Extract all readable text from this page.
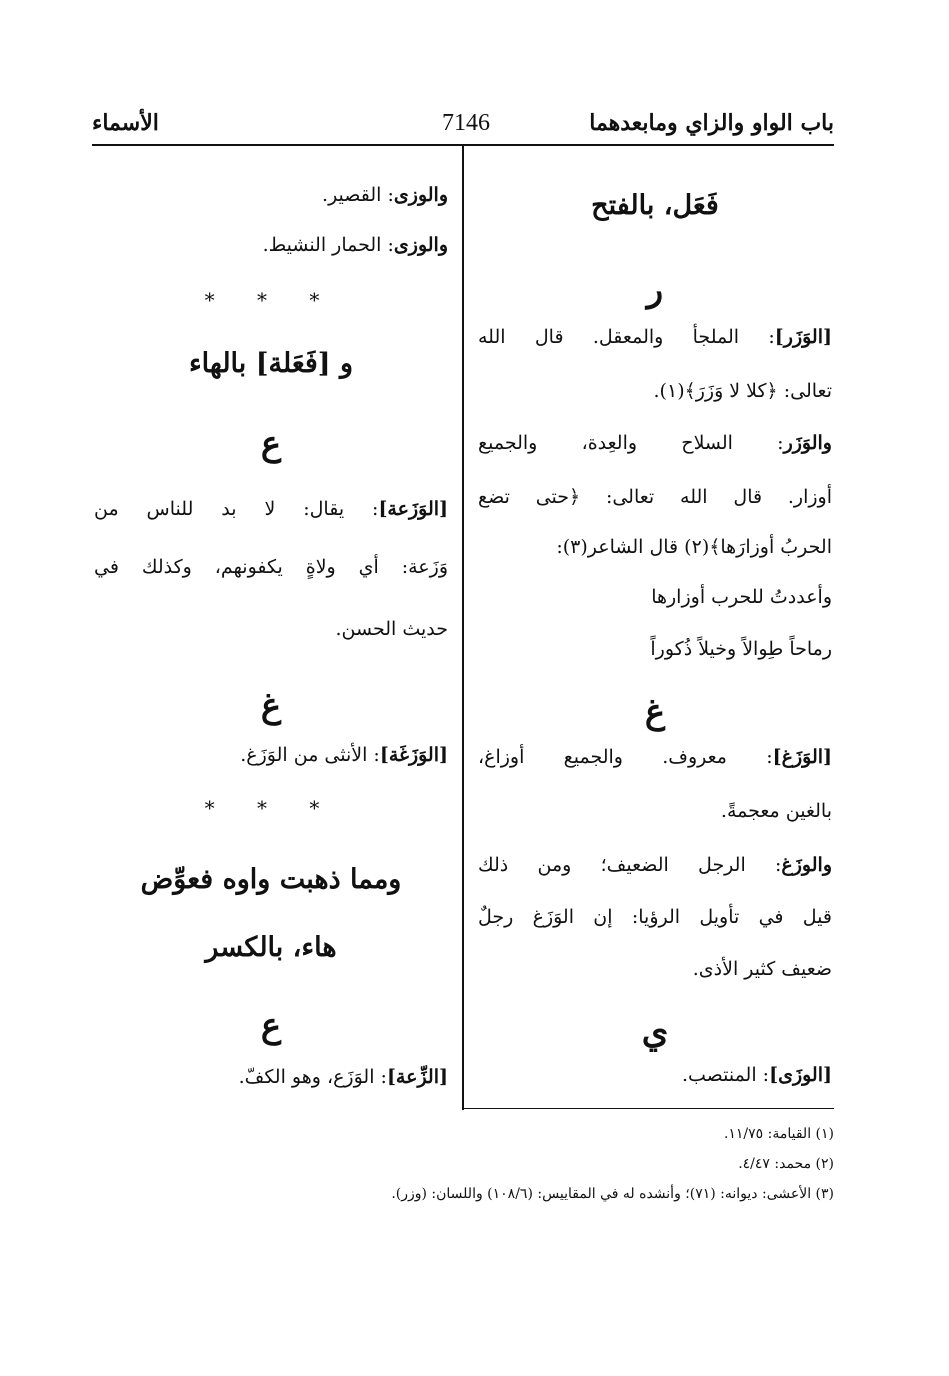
باب الواو والزاي ومابعدهما
7146
الأسماء
فَعَل، بالفتح
ر
[الوَزَر]: الملجأ والمعقل. قال الله
تعالى: ﴿كلا لا وَزَرَ﴾(١).
والوَزَر: السلاح والعِدة، والجميع
أوزار. قال الله تعالى: ﴿حتى تضع
الحربُ أوزارَها﴾(٢) قال الشاعر(٣):
وأعددتُ للحرب أوزارها
رماحاً طِوالاً وخيلاً ذُكوراً
غ
[الوَزَغ]: معروف. والجميع أوزاغ،
بالغين معجمةً.
والوزَغ: الرجل الضعيف؛ ومن ذلك
قيل في تأويل الرؤيا: إن الوَزَغ رجلٌ
ضعيف كثير الأذى.
ي
[الوزَى]: المنتصب.
والوزى: القصير.
والوزى: الحمار النشيط.
* * *
و [فَعَلة] بالهاء
ع
[الوَزَعة]: يقال: لا بد للناس من
وَزَعة: أي ولاةٍ يكفونهم، وكذلك في
حديث الحسن.
غ
[الوَزَغَة]: الأنثى من الوَزَغ.
* * *
ومما ذهبت واوه فعوِّض
هاء، بالكسر
ع
[الزِّعة]: الوَزَع، وهو الكفّ.
(١) القيامة: ١١/٧٥.
(٢) محمد: ٤/٤٧.
(٣) الأعشى: ديوانه: (٧١)؛ وأنشده له في المقاييس: (١٠٨/٦) واللسان: (وزر).
